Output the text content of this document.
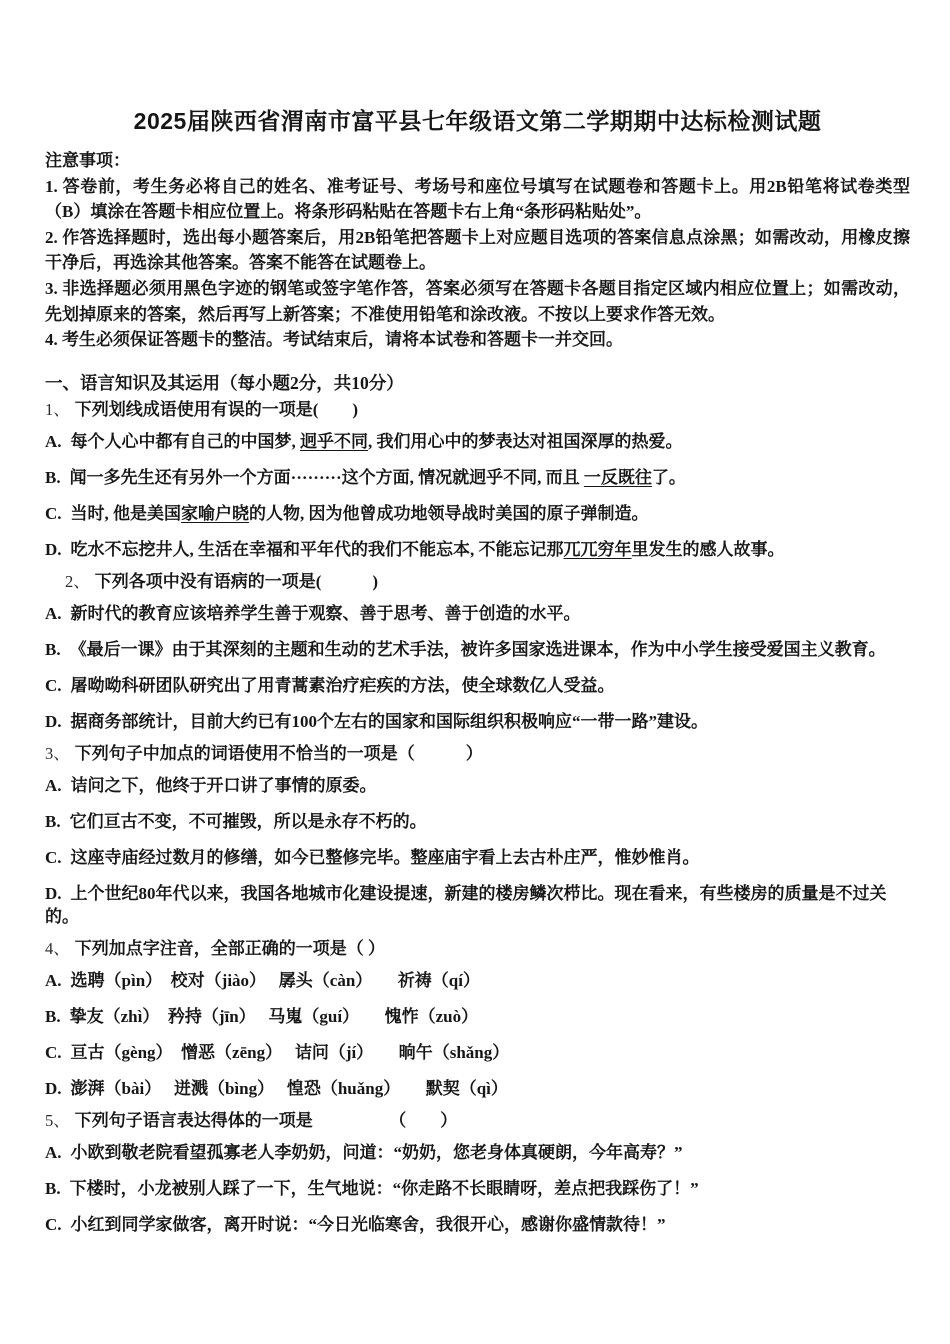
2025届陕西省渭南市富平县七年级语文第二学期期中达标检测试题

注意事项：

1. 答卷前，考生务必将自己的姓名、准考证号、考场号和座位号填写在试题卷和答题卡上。用2B铅笔将试卷类型（B）填涂在答题卡相应位置上。将条形码粘贴在答题卡右上角“条形码粘贴处”。

2. 作答选择题时，选出每小题答案后，用2B铅笔把答题卡上对应题目选项的答案信息点涂黑；如需改动，用橡皮擦干净后，再选涂其他答案。答案不能答在试题卷上。

3. 非选择题必须用黑色字迹的钢笔或签字笔作答，答案必须写在答题卡各题目指定区域内相应位置上；如需改动，先划掉原来的答案，然后再写上新答案；不准使用铅笔和涂改液。不按以上要求作答无效。

4. 考生必须保证答题卡的整洁。考试结束后，请将本试卷和答题卡一并交回。

一、语言知识及其运用（每小题2分，共10分）

1、 下列划线成语使用有误的一项是(　　)

A. 每个人心中都有自己的中国梦, 迥乎不同, 我们用心中的梦表达对祖国深厚的热爱。

B. 闻一多先生还有另外一个方面·········这个方面, 情况就迥乎不同, 而且 一反既往了。

C. 当时, 他是美国家喻户晓的人物, 因为他曾成功地领导战时美国的原子弹制造。

D. 吃水不忘挖井人, 生活在幸福和平年代的我们不能忘本, 不能忘记那兀兀穷年里发生的感人故事。

2、 下列各项中没有语病的一项是(　　　)

A. 新时代的教育应该培养学生善于观察、善于思考、善于创造的水平。

B. 《最后一课》由于其深刻的主题和生动的艺术手法，被许多国家选进课本，作为中小学生接受爱国主义教育。

C. 屠呦呦科研团队研究出了用青蒿素治疗疟疾的方法，使全球数亿人受益。

D. 据商务部统计，目前大约已有100个左右的国家和国际组织积极响应“一带一路”建设。

3、 下列句子中加点的词语使用不恰当的一项是（　　　）

A. 诘问之下，他终于开口讲了事情的原委。

B. 它们亘古不变，不可摧毁，所以是永存不朽的。

C. 这座寺庙经过数月的修缮，如今已整修完毕。整座庙宇看上去古朴庄严，惟妙惟肖。

D. 上个世纪80年代以来，我国各地城市化建设提速，新建的楼房鳞次栉比。现在看来，有些楼房的质量是不过关的。

4、 下列加点字注音，全部正确的一项是（ ）

A. 选聘（pìn）　校对（jiào）　 孱头（càn）　　祈祷（qí）

B. 挚友（zhì）　矜持（jīn）　 马嵬（guí）　　愧怍（zuò）

C. 亘古（gèng）　憎恶（zēng）　 诘问（jí）　　晌午（shǎng）

D. 澎湃（bài）　 迸溅（bìng）　 惶恐（huǎng）　　默契（qì）

5、 下列句子语言表达得体的一项是　　　　　（　　）

A. 小欧到敬老院看望孤寡老人李奶奶，问道：“奶奶，您老身体真硬朗，今年高寿？”

B. 下楼时，小龙被别人踩了一下，生气地说：“你走路不长眼睛呀，差点把我踩伤了！”

C. 小红到同学家做客，离开时说：“今日光临寒舍，我很开心，感谢你盛情款待！”
